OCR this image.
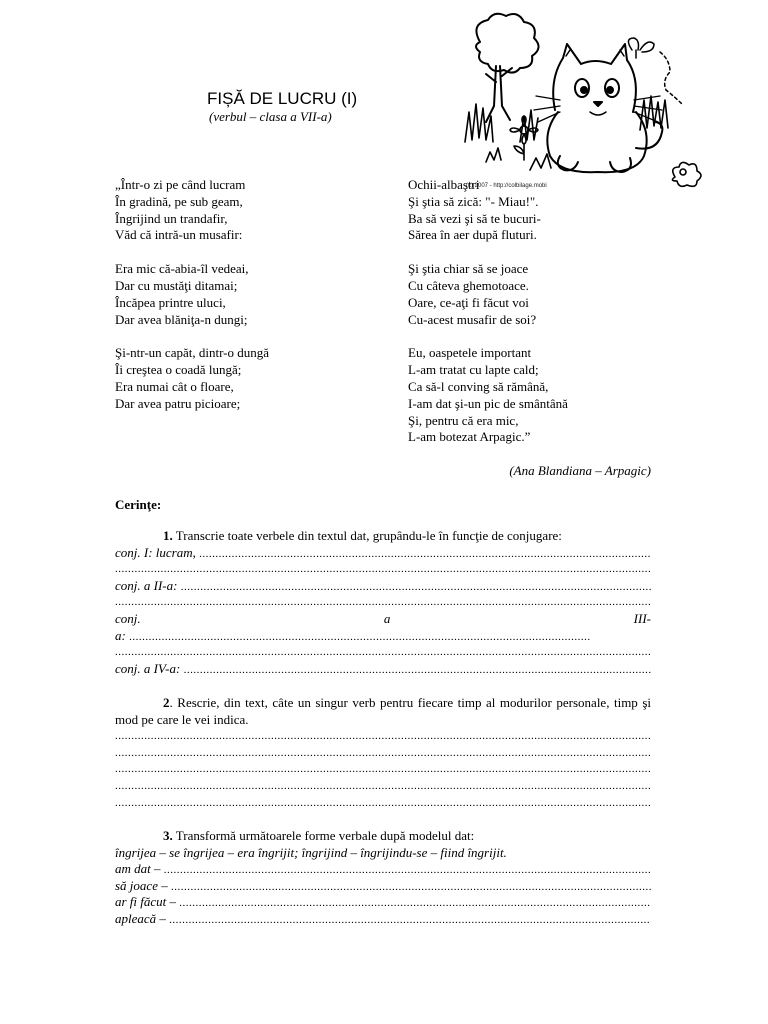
FIȘĂ DE LUCRU (I)
(verbul – clasa a VII-a)
(c) 2007 - http://colbilage.mobi
„Într-o zi pe când lucram
În gradină, pe sub geam,
Îngrijind un trandafir,
Văd că intră-un musafir:
Era mic că-abia-îl vedeai,
Dar cu mustăţi ditamai;
Încăpea printre uluci,
Dar avea blăniţa-n dungi;
Şi-ntr-un capăt, dintr-o dungă
Îi creştea o coadă lungă;
Era numai cât o floare,
Dar avea patru picioare;
Ochii-albaştri
Şi ştia să zică: "- Miau!".
Ba să vezi şi să te bucuri-
Sărea în aer după fluturi.
Şi ştia chiar să se joace
Cu câteva ghemotoace.
Oare, ce-aţi fi făcut voi
Cu-acest musafir de soi?
Eu, oaspetele important
L-am tratat cu lapte cald;
Ca să-l conving să rămână,
I-am dat şi-un pic de smântână
Şi, pentru că era mic,
L-am botezat Arpagic.”
(Ana Blandiana – Arpagic)
Cerinţe:
1. Transcrie toate verbele din textul dat, grupându-le în funcţie de conjugare:
conj. I: lucram ,
.....
.....
conj. a II-a:

.....
.....
conj.	a	III-
a:

.....
.....
conj. a IV-a:

.....
2. Rescrie, din text, câte un singur verb pentru fiecare timp al modurilor personale, timp şi mod pe care le vei indica.
.....
.....
.....
.....
.....
3. Transformă următoarele forme verbale după modelul dat:
îngrijea – se îngrijea – era îngrijit; îngrijind – îngrijindu-se – fiind îngrijit.
am dat –

.....
să joace –

.....
ar fi făcut –

.....
apleacă –

.....
